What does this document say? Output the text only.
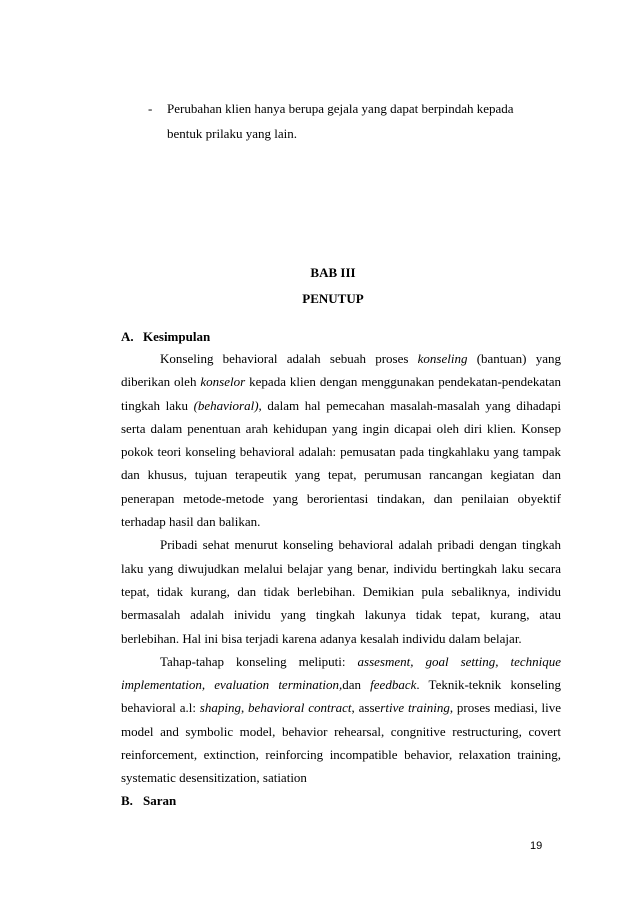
- Perubahan klien hanya berupa gejala yang dapat berpindah kepada
bentuk prilaku yang lain.
BAB III
PENUTUP
A. Kesimpulan

Konseling behavioral adalah sebuah proses konseling (bantuan) yang diberikan oleh konselor kepada klien dengan menggunakan pendekatan-pendekatan tingkah laku (behavioral), dalam hal pemecahan masalah-masalah yang dihadapi serta dalam penentuan arah kehidupan yang ingin dicapai oleh diri klien. Konsep pokok teori konseling behavioral adalah: pemusatan pada tingkahlaku yang tampak dan khusus, tujuan terapeutik yang tepat, perumusan rancangan kegiatan dan penerapan metode-metode yang berorientasi tindakan, dan penilaian obyektif terhadap hasil dan balikan.

Pribadi sehat menurut konseling behavioral adalah pribadi dengan tingkah laku yang diwujudkan melalui belajar yang benar, individu bertingkah laku secara tepat, tidak kurang, dan tidak berlebihan. Demikian pula sebaliknya, individu bermasalah adalah inividu yang tingkah lakunya tidak tepat, kurang, atau berlebihan. Hal ini bisa terjadi karena adanya kesalah individu dalam belajar.

Tahap-tahap konseling meliputi: assesment, goal setting, technique implementation, evaluation termination,dan feedback. Teknik-teknik konseling behavioral a.l: shaping, behavioral contract, assertive training, proses mediasi, live model and symbolic model, behavior rehearsal, congnitive restructuring, covert reinforcement, extinction, reinforcing incompatible behavior, relaxation training, systematic desensitization, satiation

B. Saran
19
